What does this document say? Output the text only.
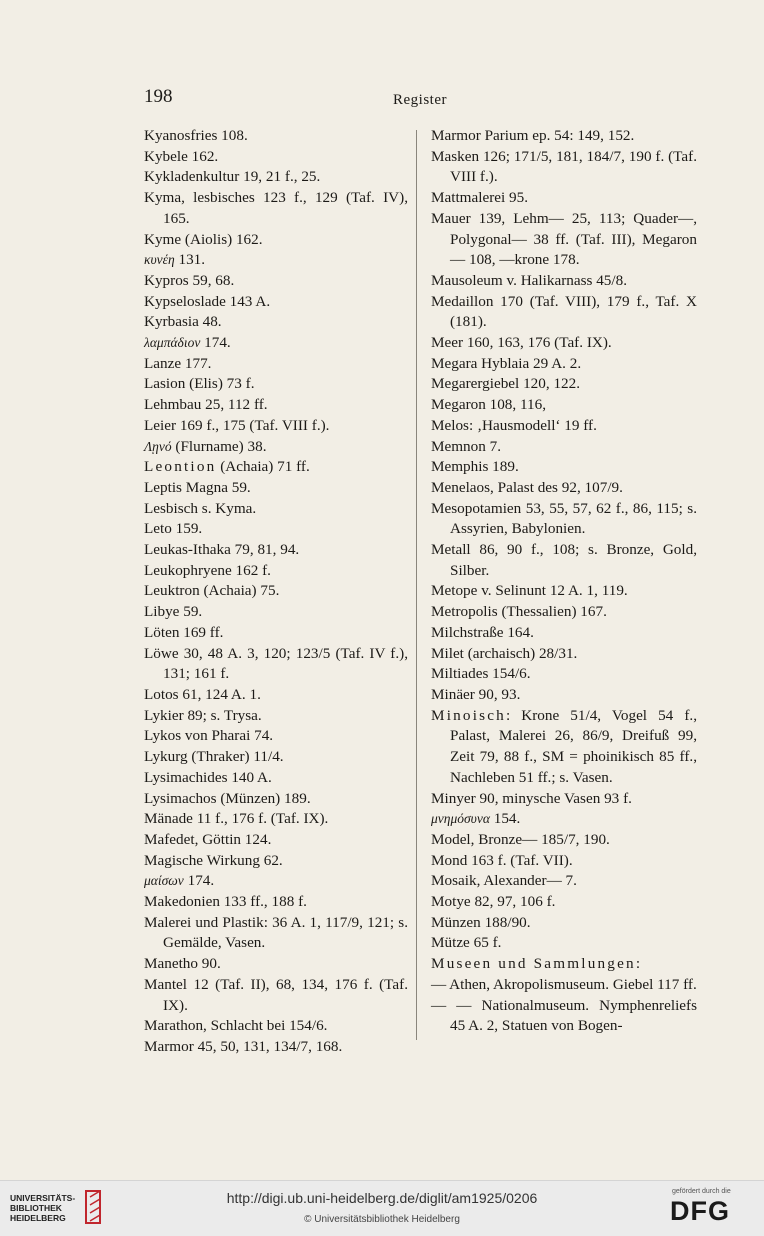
198	Register
Kyanosfries 108.
Kybele 162.
Kykladenkultur 19, 21 f., 25.
Kyma, lesbisches 123 f., 129 (Taf. IV), 165.
Kyme (Aiolis) 162.
κυνέη 131.
Kypros 59, 68.
Kypseloslade 143 A.
Kyrbasia 48.
λαμπάδιον 174.
Lanze 177.
Lasion (Elis) 73 f.
Lehmbau 25, 112 ff.
Leier 169 f., 175 (Taf. VIII f.).
Λῃνό (Flurname) 38.
Leontion (Achaia) 71 ff.
Leptis Magna 59.
Lesbisch s. Kyma.
Leto 159.
Leukas-Ithaka 79, 81, 94.
Leukophryene 162 f.
Leuktron (Achaia) 75.
Libye 59.
Löten 169 ff.
Löwe 30, 48 A. 3, 120; 123/5 (Taf. IV f.), 131; 161 f.
Lotos 61, 124 A. 1.
Lykier 89; s. Trysa.
Lykos von Pharai 74.
Lykurg (Thraker) 11/4.
Lysimachides 140 A.
Lysimachos (Münzen) 189.
Mänade 11 f., 176 f. (Taf. IX).
Mafedet, Göttin 124.
Magische Wirkung 62.
μαίσων 174.
Makedonien 133 ff., 188 f.
Malerei und Plastik: 36 A. 1, 117/9, 121; s. Gemälde, Vasen.
Manetho 90.
Mantel 12 (Taf. II), 68, 134, 176 f. (Taf. IX).
Marathon, Schlacht bei 154/6.
Marmor 45, 50, 131, 134/7, 168.
Marmor Parium ep. 54: 149, 152.
Masken 126; 171/5, 181, 184/7, 190 f. (Taf. VIII f.).
Mattmalerei 95.
Mauer 139, Lehm— 25, 113; Quader—, Polygonal— 38 ff. (Taf. III), Megaron— 108, —krone 178.
Mausoleum v. Halikarnass 45/8.
Medaillon 170 (Taf. VIII), 179 f., Taf. X (181).
Meer 160, 163, 176 (Taf. IX).
Megara Hyblaia 29 A. 2.
Megarergiebel 120, 122.
Megaron 108, 116,
Melos: ‚Hausmodell‘ 19 ff.
Memnon 7.
Memphis 189.
Menelaos, Palast des 92, 107/9.
Mesopotamien 53, 55, 57, 62 f., 86, 115; s. Assyrien, Babylonien.
Metall 86, 90 f., 108; s. Bronze, Gold, Silber.
Metope v. Selinunt 12 A. 1, 119.
Metropolis (Thessalien) 167.
Milchstraße 164.
Milet (archaisch) 28/31.
Miltiades 154/6.
Minäer 90, 93.
Minoisch: Krone 51/4, Vogel 54 f., Palast, Malerei 26, 86/9, Dreifuß 99, Zeit 79, 88 f., SM = phoinikisch 85 ff., Nachleben 51 ff.; s. Vasen.
Minyer 90, minysche Vasen 93 f.
μνημόσυνα 154.
Model, Bronze— 185/7, 190.
Mond 163 f. (Taf. VII).
Mosaik, Alexander— 7.
Motye 82, 97, 106 f.
Münzen 188/90.
Mütze 65 f.
Museen und Sammlungen:
— Athen, Akropolismuseum. Giebel 117 ff.
— — Nationalmuseum. Nymphenreliefs 45 A. 2, Statuen von Bogen-
UNIVERSITÄTS-
BIBLIOTHEK
HEIDELBERG
http://digi.ub.uni-heidelberg.de/diglit/am1925/0206
© Universitätsbibliothek Heidelberg
gefördert durch die
DFG
